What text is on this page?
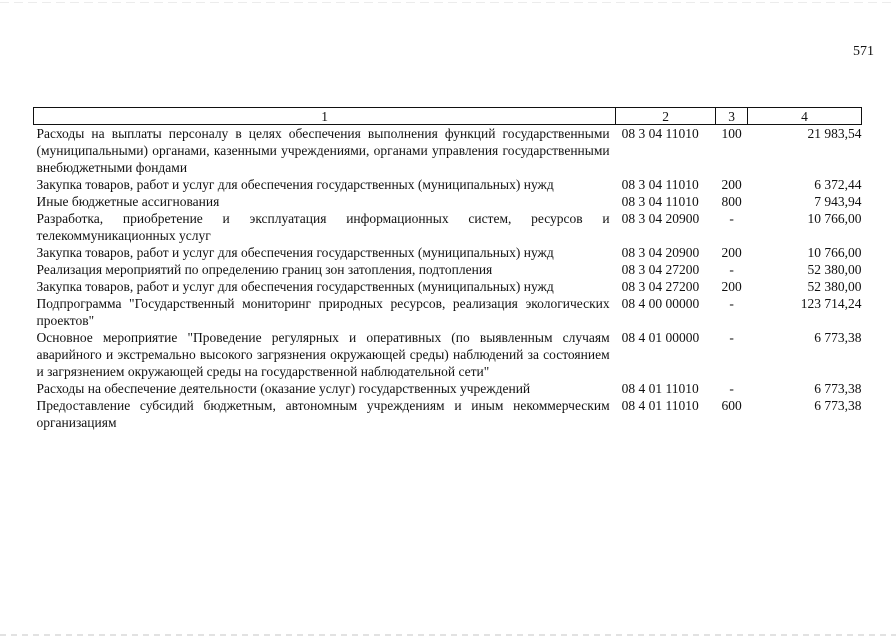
571
1	2	3	4
Расходы на выплаты персоналу в целях обеспечения выполнения функций государственными (муниципальными) органами, казенными учреждениями, органами управления государственными внебюджетными фондами	08 3 04 11010	100	21 983,54
Закупка товаров, работ и услуг для обеспечения государственных (муниципальных) нужд	08 3 04 11010	200	6 372,44
Иные бюджетные ассигнования	08 3 04 11010	800	7 943,94
Разработка, приобретение и эксплуатация информационных систем, ресурсов и телекоммуникационных услуг	08 3 04 20900	-	10 766,00
Закупка товаров, работ и услуг для обеспечения государственных (муниципальных) нужд	08 3 04 20900	200	10 766,00
Реализация мероприятий по определению границ зон затопления, подтопления	08 3 04 27200	-	52 380,00
Закупка товаров, работ и услуг для обеспечения государственных (муниципальных) нужд	08 3 04 27200	200	52 380,00
Подпрограмма "Государственный мониторинг природных ресурсов, реализация экологических проектов"	08 4 00 00000	-	123 714,24
Основное мероприятие "Проведение регулярных и оперативных (по выявленным случаям аварийного и экстремально высокого загрязнения окружающей среды) наблюдений за состоянием и загрязнением окружающей среды на государственной наблюдательной сети"	08 4 01 00000	-	6 773,38
Расходы на обеспечение деятельности (оказание услуг) государственных учреждений	08 4 01 11010	-	6 773,38
Предоставление субсидий бюджетным, автономным учреждениям и иным некоммерческим организациям	08 4 01 11010	600	6 773,38
